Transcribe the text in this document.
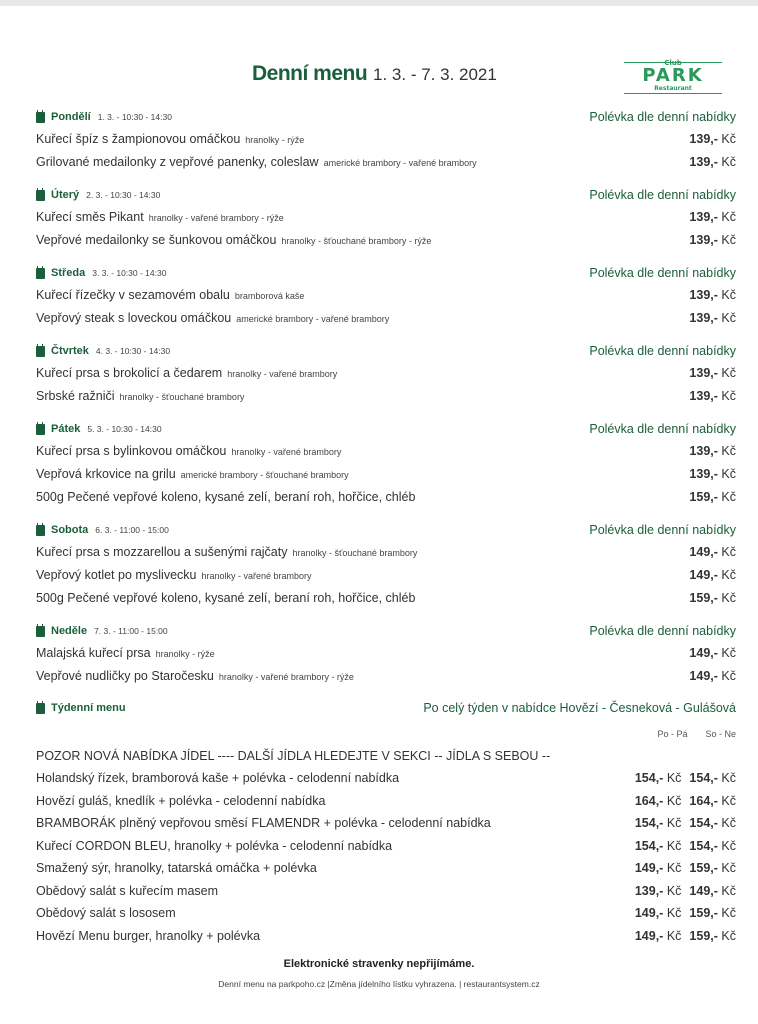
Denní menu 1. 3. - 7. 3. 2021
Club
PARK
Restaurant
Pondělí 1. 3. - 10:30 - 14:30	Polévka dle denní nabídky
Kuřecí špíz s žampionovou omáčkou hranolky - rýže	139,- Kč
Grilované medailonky z vepřové panenky, coleslaw americké brambory - vařené brambory	139,- Kč
Úterý 2. 3. - 10:30 - 14:30	Polévka dle denní nabídky
Kuřecí směs Pikant hranolky - vařené brambory - rýže	139,- Kč
Vepřové medailonky se šunkovou omáčkou hranolky - šťouchané brambory - rýže	139,- Kč
Středa 3. 3. - 10:30 - 14:30	Polévka dle denní nabídky
Kuřecí řízečky v sezamovém obalu bramborová kaše	139,- Kč
Vepřový steak s loveckou omáčkou americké brambory - vařené brambory	139,- Kč
Čtvrtek 4. 3. - 10:30 - 14:30	Polévka dle denní nabídky
Kuřecí prsa s brokolicí a čedarem hranolky - vařené brambory	139,- Kč
Srbské ražniči hranolky - šťouchané brambory	139,- Kč
Pátek 5. 3. - 10:30 - 14:30	Polévka dle denní nabídky
Kuřecí prsa s bylinkovou omáčkou hranolky - vařené brambory	139,- Kč
Vepřová krkovice na grilu americké brambory - šťouchané brambory	139,- Kč
500g Pečené vepřové koleno, kysané zelí, beraní roh, hořčice, chléb	159,- Kč
Sobota 6. 3. - 11:00 - 15:00	Polévka dle denní nabídky
Kuřecí prsa s mozzarellou a sušenými rajčaty hranolky - šťouchané brambory	149,- Kč
Vepřový kotlet po myslivecku hranolky - vařené brambory	149,- Kč
500g Pečené vepřové koleno, kysané zelí, beraní roh, hořčice, chléb	159,- Kč
Neděle 7. 3. - 11:00 - 15:00	Polévka dle denní nabídky
Malajská kuřecí prsa hranolky - rýže	149,- Kč
Vepřové nudličky po Staročesku hranolky - vařené brambory - rýže	149,- Kč
Týdenní menu	Po celý týden v nabídce Hovězí - Česneková - Gulášová
Po - Pá So - Ne
POZOR NOVÁ NABÍDKA JÍDEL ---- DALŠÍ JÍDLA HLEDEJTE V SEKCI -- JÍDLA S SEBOU --
Holandský řízek, bramborová kaše + polévka - celodenní nabídka	154,- Kč 154,- Kč
Hovězí guláš, knedlík + polévka - celodenní nabídka	164,- Kč 164,- Kč
BRAMBORÁK plněný vepřovou směsí FLAMENDR + polévka - celodenní nabídka	154,- Kč 154,- Kč
Kuřecí CORDON BLEU, hranolky + polévka - celodenní nabídka	154,- Kč 154,- Kč
Smažený sýr, hranolky, tatarská omáčka + polévka	149,- Kč 159,- Kč
Obědový salát s kuřecím masem	139,- Kč 149,- Kč
Obědový salát s lososem	149,- Kč 159,- Kč
Hovězí Menu burger, hranolky + polévka	149,- Kč 159,- Kč
Elektronické stravenky nepřijímáme.
Denní menu na parkpoho.cz |Změna jídelního lístku vyhrazena. | restaurantsystem.cz
